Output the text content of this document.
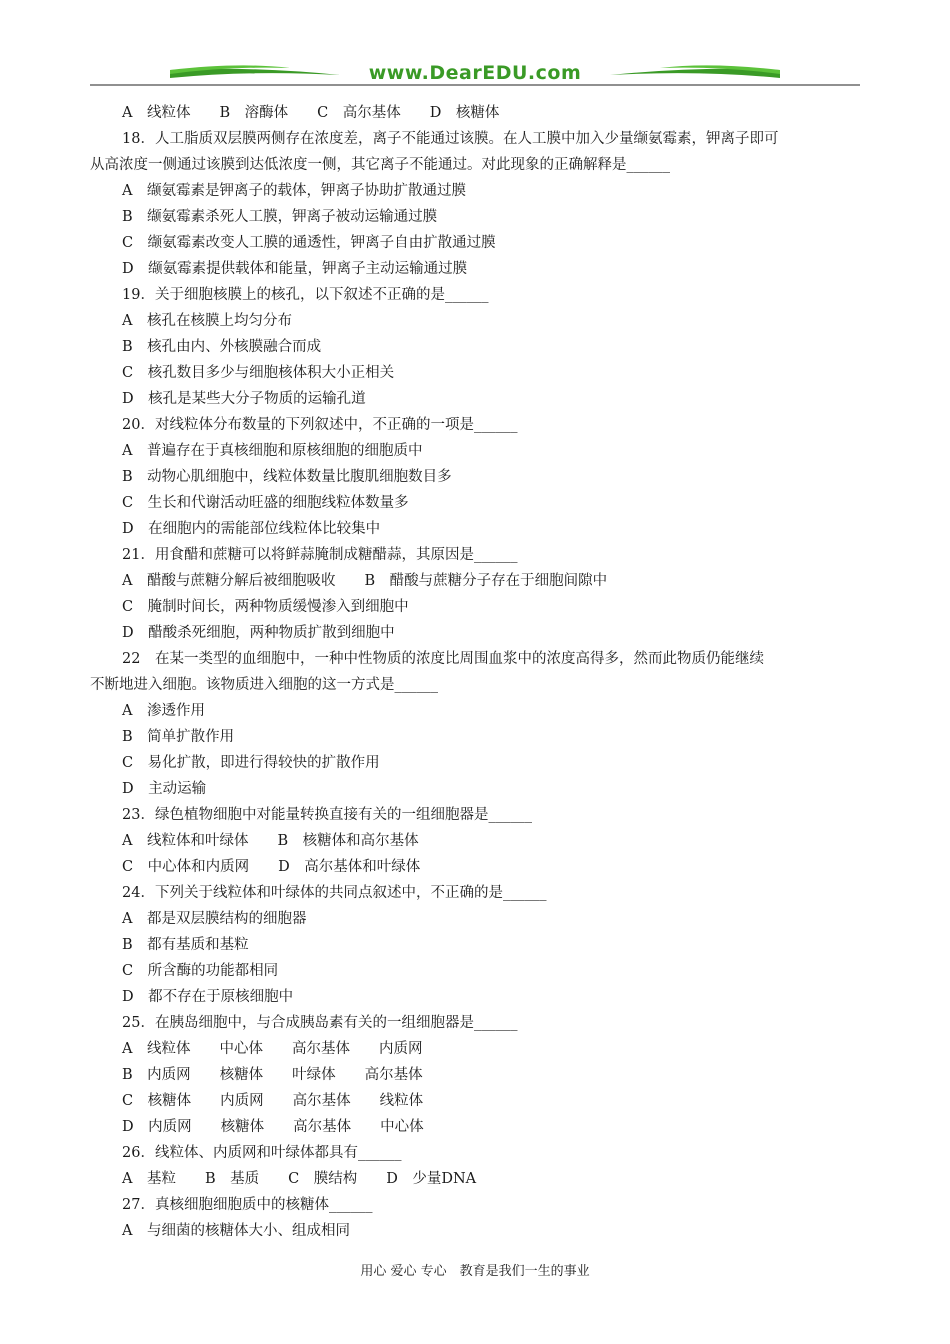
www.DearEDU.com
A　线粒体　　B　溶酶体　　C　高尔基体　　D　核糖体
18．人工脂质双层膜两侧存在浓度差，离子不能通过该膜。在人工膜中加入少量缬氨霉素，钾离子即可
从高浓度一侧通过该膜到达低浓度一侧，其它离子不能通过。对此现象的正确解释是______
A　缬氨霉素是钾离子的载体，钾离子协助扩散通过膜
B　缬氨霉素杀死人工膜，钾离子被动运输通过膜
C　缬氨霉素改变人工膜的通透性，钾离子自由扩散通过膜
D　缬氨霉素提供载体和能量，钾离子主动运输通过膜
19．关于细胞核膜上的核孔，以下叙述不正确的是______
A　核孔在核膜上均匀分布
B　核孔由内、外核膜融合而成
C　核孔数目多少与细胞核体积大小正相关
D　核孔是某些大分子物质的运输孔道
20．对线粒体分布数量的下列叙述中，不正确的一项是______
A　普遍存在于真核细胞和原核细胞的细胞质中
B　动物心肌细胞中，线粒体数量比腹肌细胞数目多
C　生长和代谢活动旺盛的细胞线粒体数量多
D　在细胞内的需能部位线粒体比较集中
21．用食醋和蔗糖可以将鲜蒜腌制成糖醋蒜，其原因是______
A　醋酸与蔗糖分解后被细胞吸收　　B　醋酸与蔗糖分子存在于细胞间隙中
C　腌制时间长，两种物质缓慢渗入到细胞中
D　醋酸杀死细胞，两种物质扩散到细胞中
22　在某一类型的血细胞中，一种中性物质的浓度比周围血浆中的浓度高得多，然而此物质仍能继续
不断地进入细胞。该物质进入细胞的这一方式是______
A　渗透作用
B　简单扩散作用
C　易化扩散，即进行得较快的扩散作用
D　主动运输
23．绿色植物细胞中对能量转换直接有关的一组细胞器是______
A　线粒体和叶绿体　　B　核糖体和高尔基体
C　中心体和内质网　　D　高尔基体和叶绿体
24．下列关于线粒体和叶绿体的共同点叙述中，不正确的是______
A　都是双层膜结构的细胞器
B　都有基质和基粒
C　所含酶的功能都相同
D　都不存在于原核细胞中
25．在胰岛细胞中，与合成胰岛素有关的一组细胞器是______
A　线粒体　　中心体　　高尔基体　　内质网
B　内质网　　核糖体　　叶绿体　　高尔基体
C　核糖体　　内质网　　高尔基体　　线粒体
D　内质网　　核糖体　　高尔基体　　中心体
26．线粒体、内质网和叶绿体都具有______
A　基粒　　B　基质　　C　膜结构　　D　少量DNA
27．真核细胞细胞质中的核糖体______
A　与细菌的核糖体大小、组成相同
用心 爱心 专心　教育是我们一生的事业
